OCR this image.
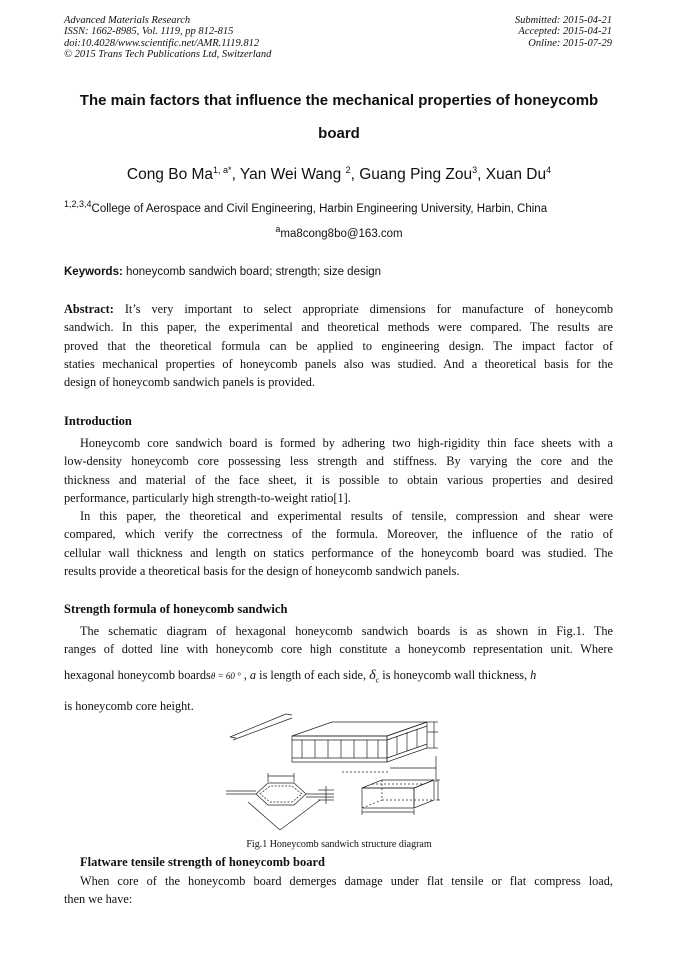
Advanced Materials Research
ISSN: 1662-8985, Vol. 1119, pp 812-815
doi:10.4028/www.scientific.net/AMR.1119.812
© 2015 Trans Tech Publications Ltd, Switzerland
Submitted: 2015-04-21
Accepted: 2015-04-21
Online: 2015-07-29
The main factors that influence the mechanical properties of honeycomb
board
Cong Bo $Ma^{1, a*}$, Yan Wei Wang $^2$, Guang Ping Zou$^3$, Xuan Du$^4$
$^{1,2,3,4}$College of Aerospace and Civil Engineering, Harbin Engineering University, Harbin, China
$^a$ma8cong8bo@163.com
Keywords: honeycomb sandwich board; strength; size design
Abstract: It’s very important to select appropriate dimensions for manufacture of honeycomb
sandwich. In this paper, the experimental and theoretical methods were compared. The results are
proved that the theoretical formula can be applied to engineering design. The impact factor of
staties mechanical properties of honeycomb panels also was studied. And a theoretical basis for the
design of honeycomb sandwich panels is provided.
Introduction
Honeycomb core sandwich board is formed by adhering two high-rigidity thin face sheets with a
low-density honeycomb core possessing less strength and stiffness. By varying the core and the
thickness and material of the face sheet, it is possible to obtain various properties and desired
performance, particularly high strength-to-weight ratio[1].
In this paper, the theoretical and experimental results of tensile, compression and shear were
compared, which verify the correctness of the formula. Moreover, the influence of the ratio of
cellular wall thickness and length on statics performance of the honeycomb board was studied. The
results provide a theoretical basis for the design of honeycomb sandwich panels.
Strength formula of honeycomb sandwich
The schematic diagram of hexagonal honeycomb sandwich boards is as shown in Fig.1. The
ranges of dotted line with honeycomb core high constitute a honeycomb representation unit. Where
hexagonal honeycomb boardsθ = 60 ° , a is length of each side, $\delta_c$ is honeycomb wall thickness, h
is honeycomb core height.
Fig.1 Honeycomb sandwich structure diagram
Flatware tensile strength of honeycomb board
When core of the honeycomb board demerges damage under flat tensile or flat compress load,
then we have:
